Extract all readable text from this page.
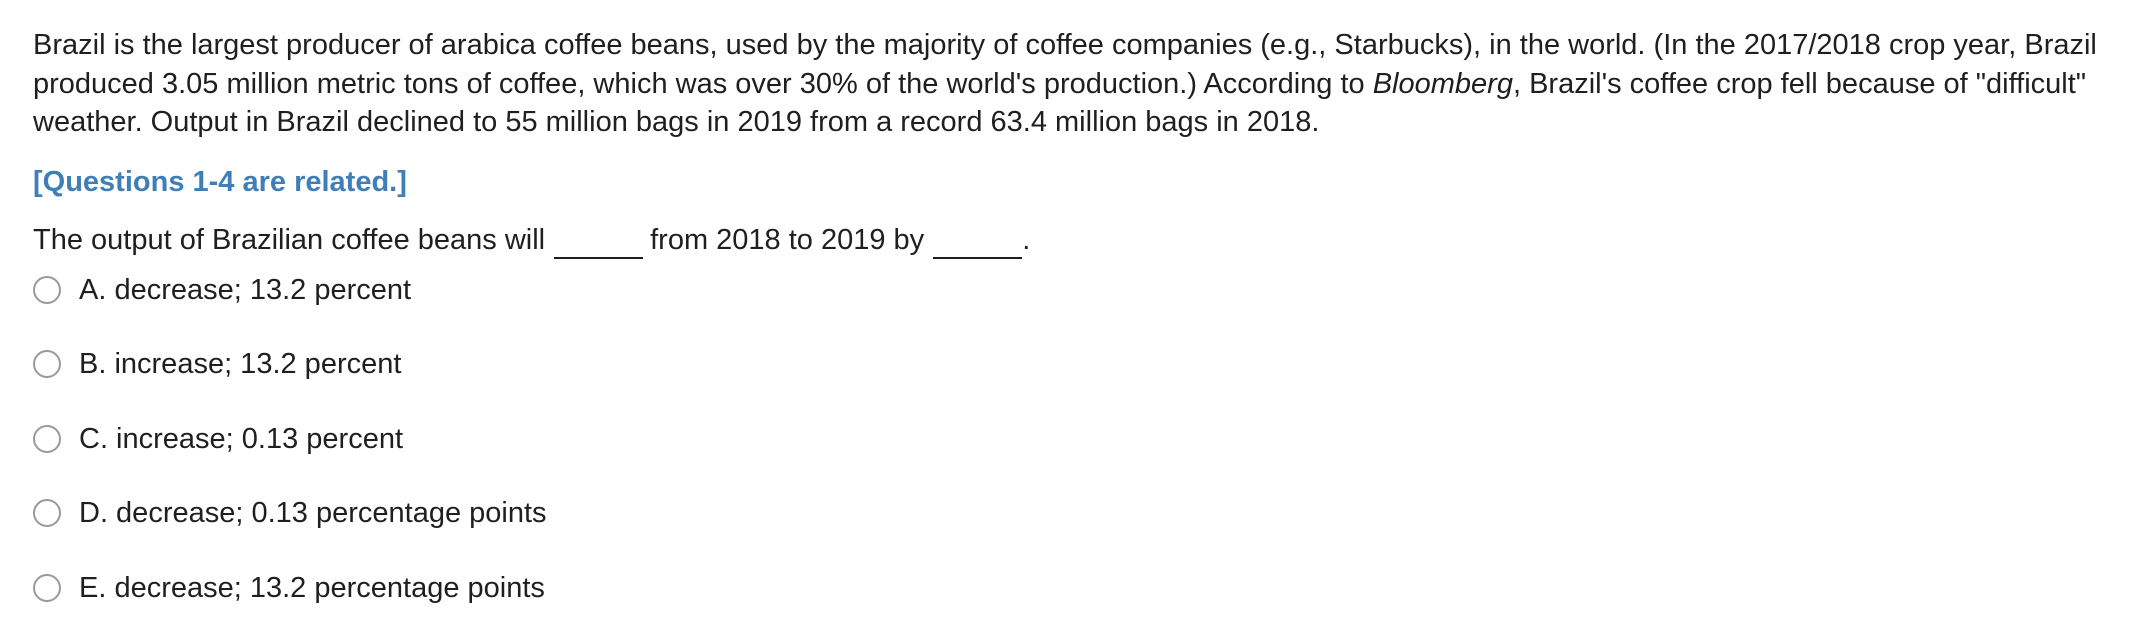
Brazil is the largest producer of arabica coffee beans, used by the majority of coffee companies (e.g., Starbucks), in the world. (In the 2017/2018 crop year, Brazil produced 3.05 million metric tons of coffee, which was over 30% of the world's production.) According to Bloomberg, Brazil's coffee crop fell because of "difficult" weather. Output in Brazil declined to 55 million bags in 2019 from a record 63.4 million bags in 2018.

[Questions 1-4 are related.]
The output of Brazilian coffee beans will	from 2018 to 2019 by	.
A. decrease; 13.2 percent
B. increase; 13.2 percent
C. increase; 0.13 percent
D. decrease; 0.13 percentage points
E. decrease; 13.2 percentage points
